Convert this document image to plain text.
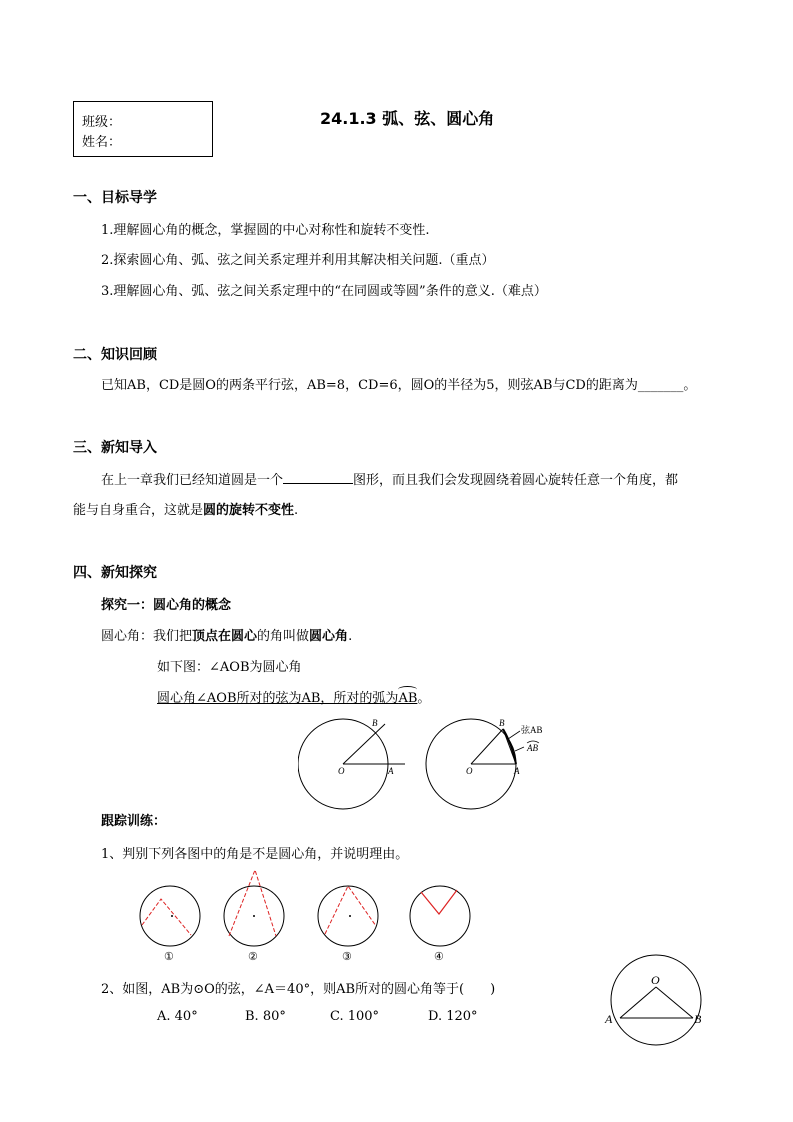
班级：
姓名：
24.1.3 弧、弦、圆心角
一、目标导学
1.理解圆心角的概念，掌握圆的中心对称性和旋转不变性.
2.探索圆心角、弧、弦之间关系定理并利用其解决相关问题.（重点）
3.理解圆心角、弧、弦之间关系定理中的“在同圆或等圆”条件的意义.（难点）
二、知识回顾
已知AB，CD是圆O的两条平行弦，AB=8，CD=6，圆O的半径为5，则弦AB与CD的距离为_______。
三、新知导入
在上一章我们已经知道圆是一个	图形，而且我们会发现圆绕着圆心旋转任意一个角度，都
能与自身重合，这就是圆的旋转不变性.
四、新知探究
探究一：圆心角的概念
圆心角：我们把顶点在圆心的角叫做圆心角.
如下图：∠AOB为圆心角
圆心角∠AOB所对的弦为AB，所对的弧为AB。
O	A
B
O	A
B
弦AB
AB
跟踪训练：
1、判别下列各图中的角是不是圆心角，并说明理由。
①	②	③	④
2、如图，AB为⊙O的弦，∠A＝40°，则AB所对的圆心角等于(　　)
A. 40°	B. 80°	C. 100°	D. 120°
O
A	B
